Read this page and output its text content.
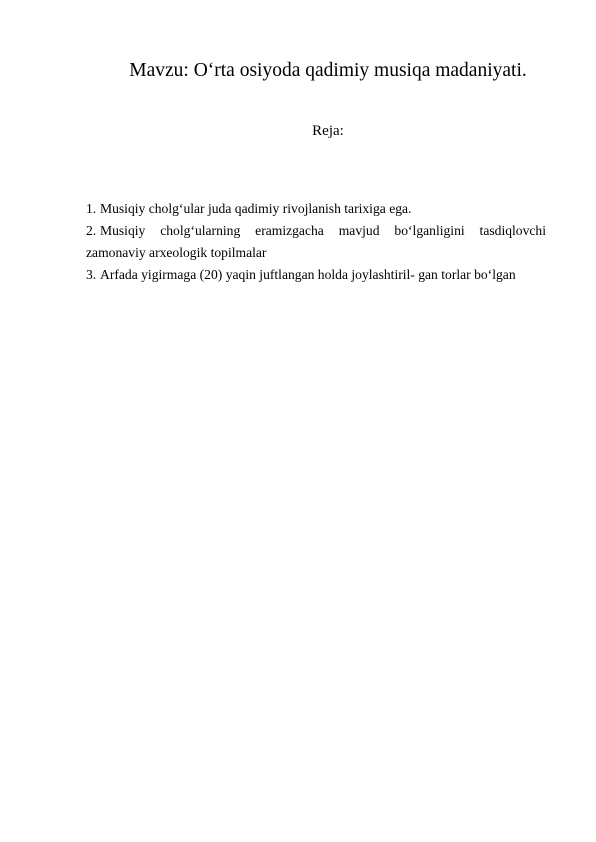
Mavzu: O‘rta osiyoda qadimiy musiqa madaniyati.
Reja:
1. Musiqiy cholg‘ular juda qadimiy rivojlanish tarixiga ega.
2. Musiqiy cholg‘ularning eramizgacha mavjud bo‘lganligini tasdiqlovchi zamonaviy arxeologik topilmalar
3. Arfada yigirmaga (20) yaqin juftlangan holda joylashtiril- gan torlar bo‘lgan
